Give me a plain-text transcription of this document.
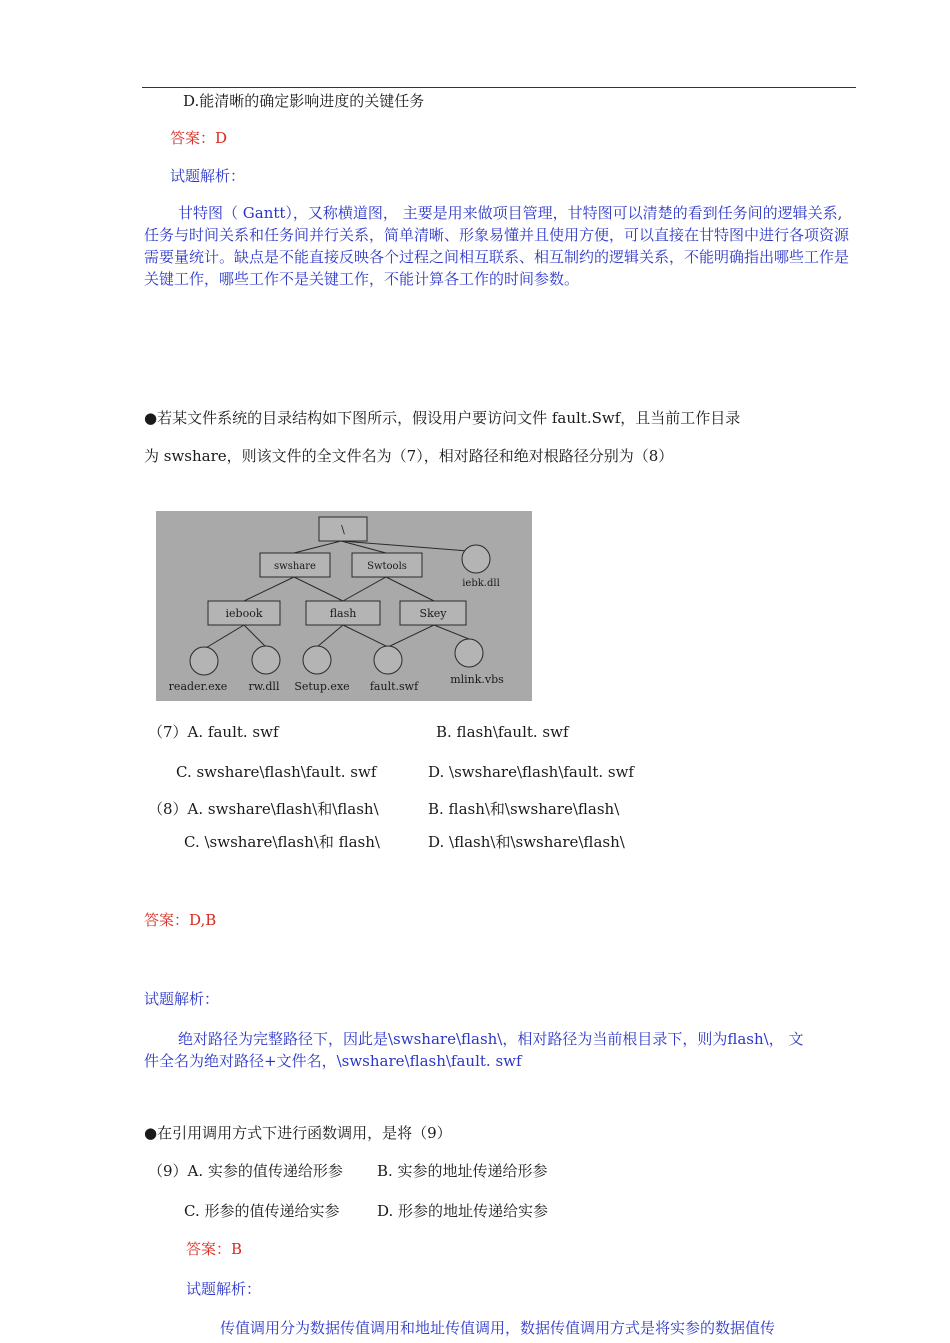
D.能清晰的确定影响进度的关键任务
答案：D
试题解析：
甘特图（ Gantt），又称横道图， 主要是用来做项目管理，甘特图可以清楚的看到任务间的逻辑关系,任务与时间关系和任务间并行关系，简单清晰、形象易懂并且使用方便，可以直接在甘特图中进行各项资源需要量统计。缺点是不能直接反映各个过程之间相互联系、相互制约的逻辑关系，不能明确指出哪些工作是关键工作，哪些工作不是关键工作，不能计算各工作的时间参数。
●若某文件系统的目录结构如下图所示，假设用户要访问文件 fault.Swf，且当前工作目录
为 swshare，则该文件的全文件名为（7），相对路径和绝对根路径分别为（8）
\
swshare	Swtools
iebk.dll
iebook	flash	Skey
reader.exe rw.dll Setup.exe fault.swf
mlink.vbs
（7）A. fault. swf	B. flash\fault. swf
C. swshare\flash\fault. swf	D. \swshare\flash\fault. swf
（8）A. swshare\flash\和\flash\	B. flash\和\swshare\flash\
C. \swshare\flash\和 flash\	D. \flash\和\swshare\flash\
答案：D,B
试题解析：
绝对路径为完整路径下，因此是\swshare\flash\，相对路径为当前根目录下，则为flash\， 文件全名为绝对路径+文件名，\swshare\flash\fault. swf
●在引用调用方式下进行函数调用，是将（9）
（9）A. 实参的值传递给形参 B. 实参的地址传递给形参
C. 形参的值传递给实参	D. 形参的地址传递给实参
答案：B
试题解析：
传值调用分为数据传值调用和地址传值调用，数据传值调用方式是将实参的数据值传
